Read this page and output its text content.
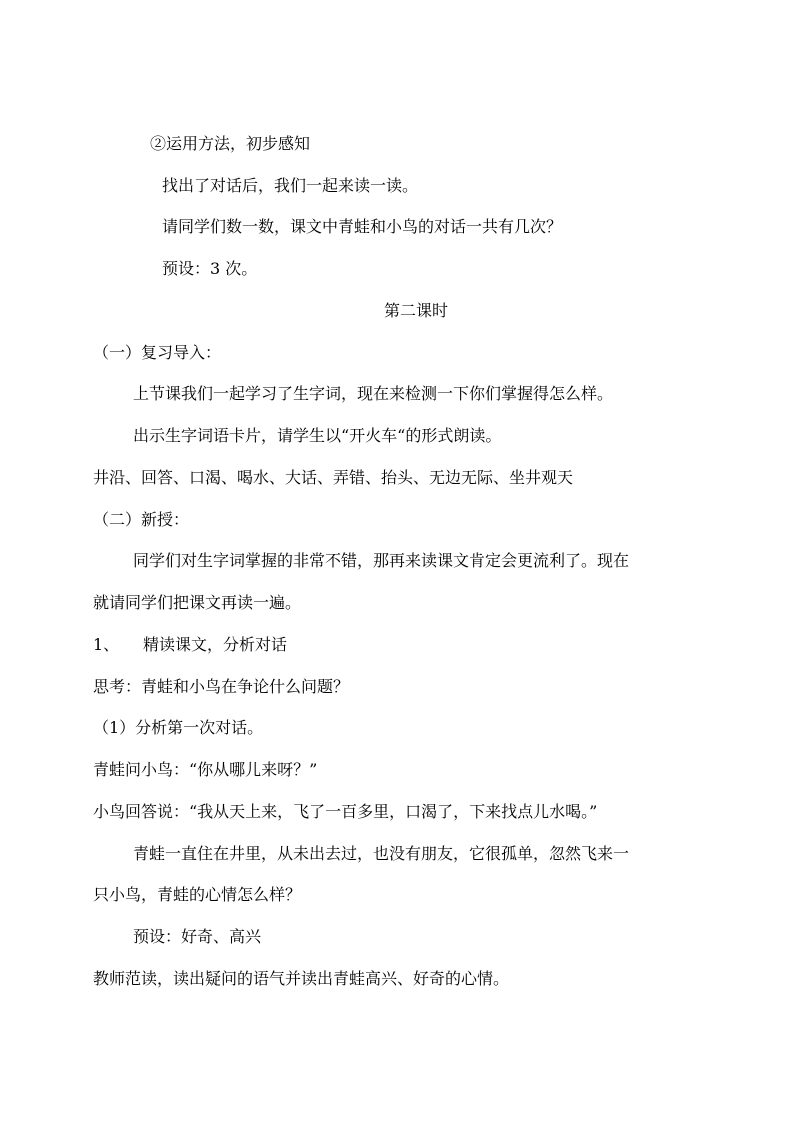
②运用方法，初步感知
找出了对话后，我们一起来读一读。
请同学们数一数，课文中青蛙和小鸟的对话一共有几次？
预设：3 次。
第二课时
（一）复习导入：
上节课我们一起学习了生字词，现在来检测一下你们掌握得怎么样。
出示生字词语卡片，请学生以“开火车“的形式朗读。
井沿、回答、口渴、喝水、大话、弄错、抬头、无边无际、坐井观天
（二）新授：
同学们对生字词掌握的非常不错，那再来读课文肯定会更流利了。现在
就请同学们把课文再读一遍。
1、 精读课文，分析对话
思考：青蛙和小鸟在争论什么问题？
（1）分析第一次对话。
青蛙问小鸟：“你从哪儿来呀？”
小鸟回答说：“我从天上来，飞了一百多里，口渴了，下来找点儿水喝。”
青蛙一直住在井里，从未出去过，也没有朋友，它很孤单，忽然飞来一
只小鸟，青蛙的心情怎么样？
预设：好奇、高兴
教师范读，读出疑问的语气并读出青蛙高兴、好奇的心情。
